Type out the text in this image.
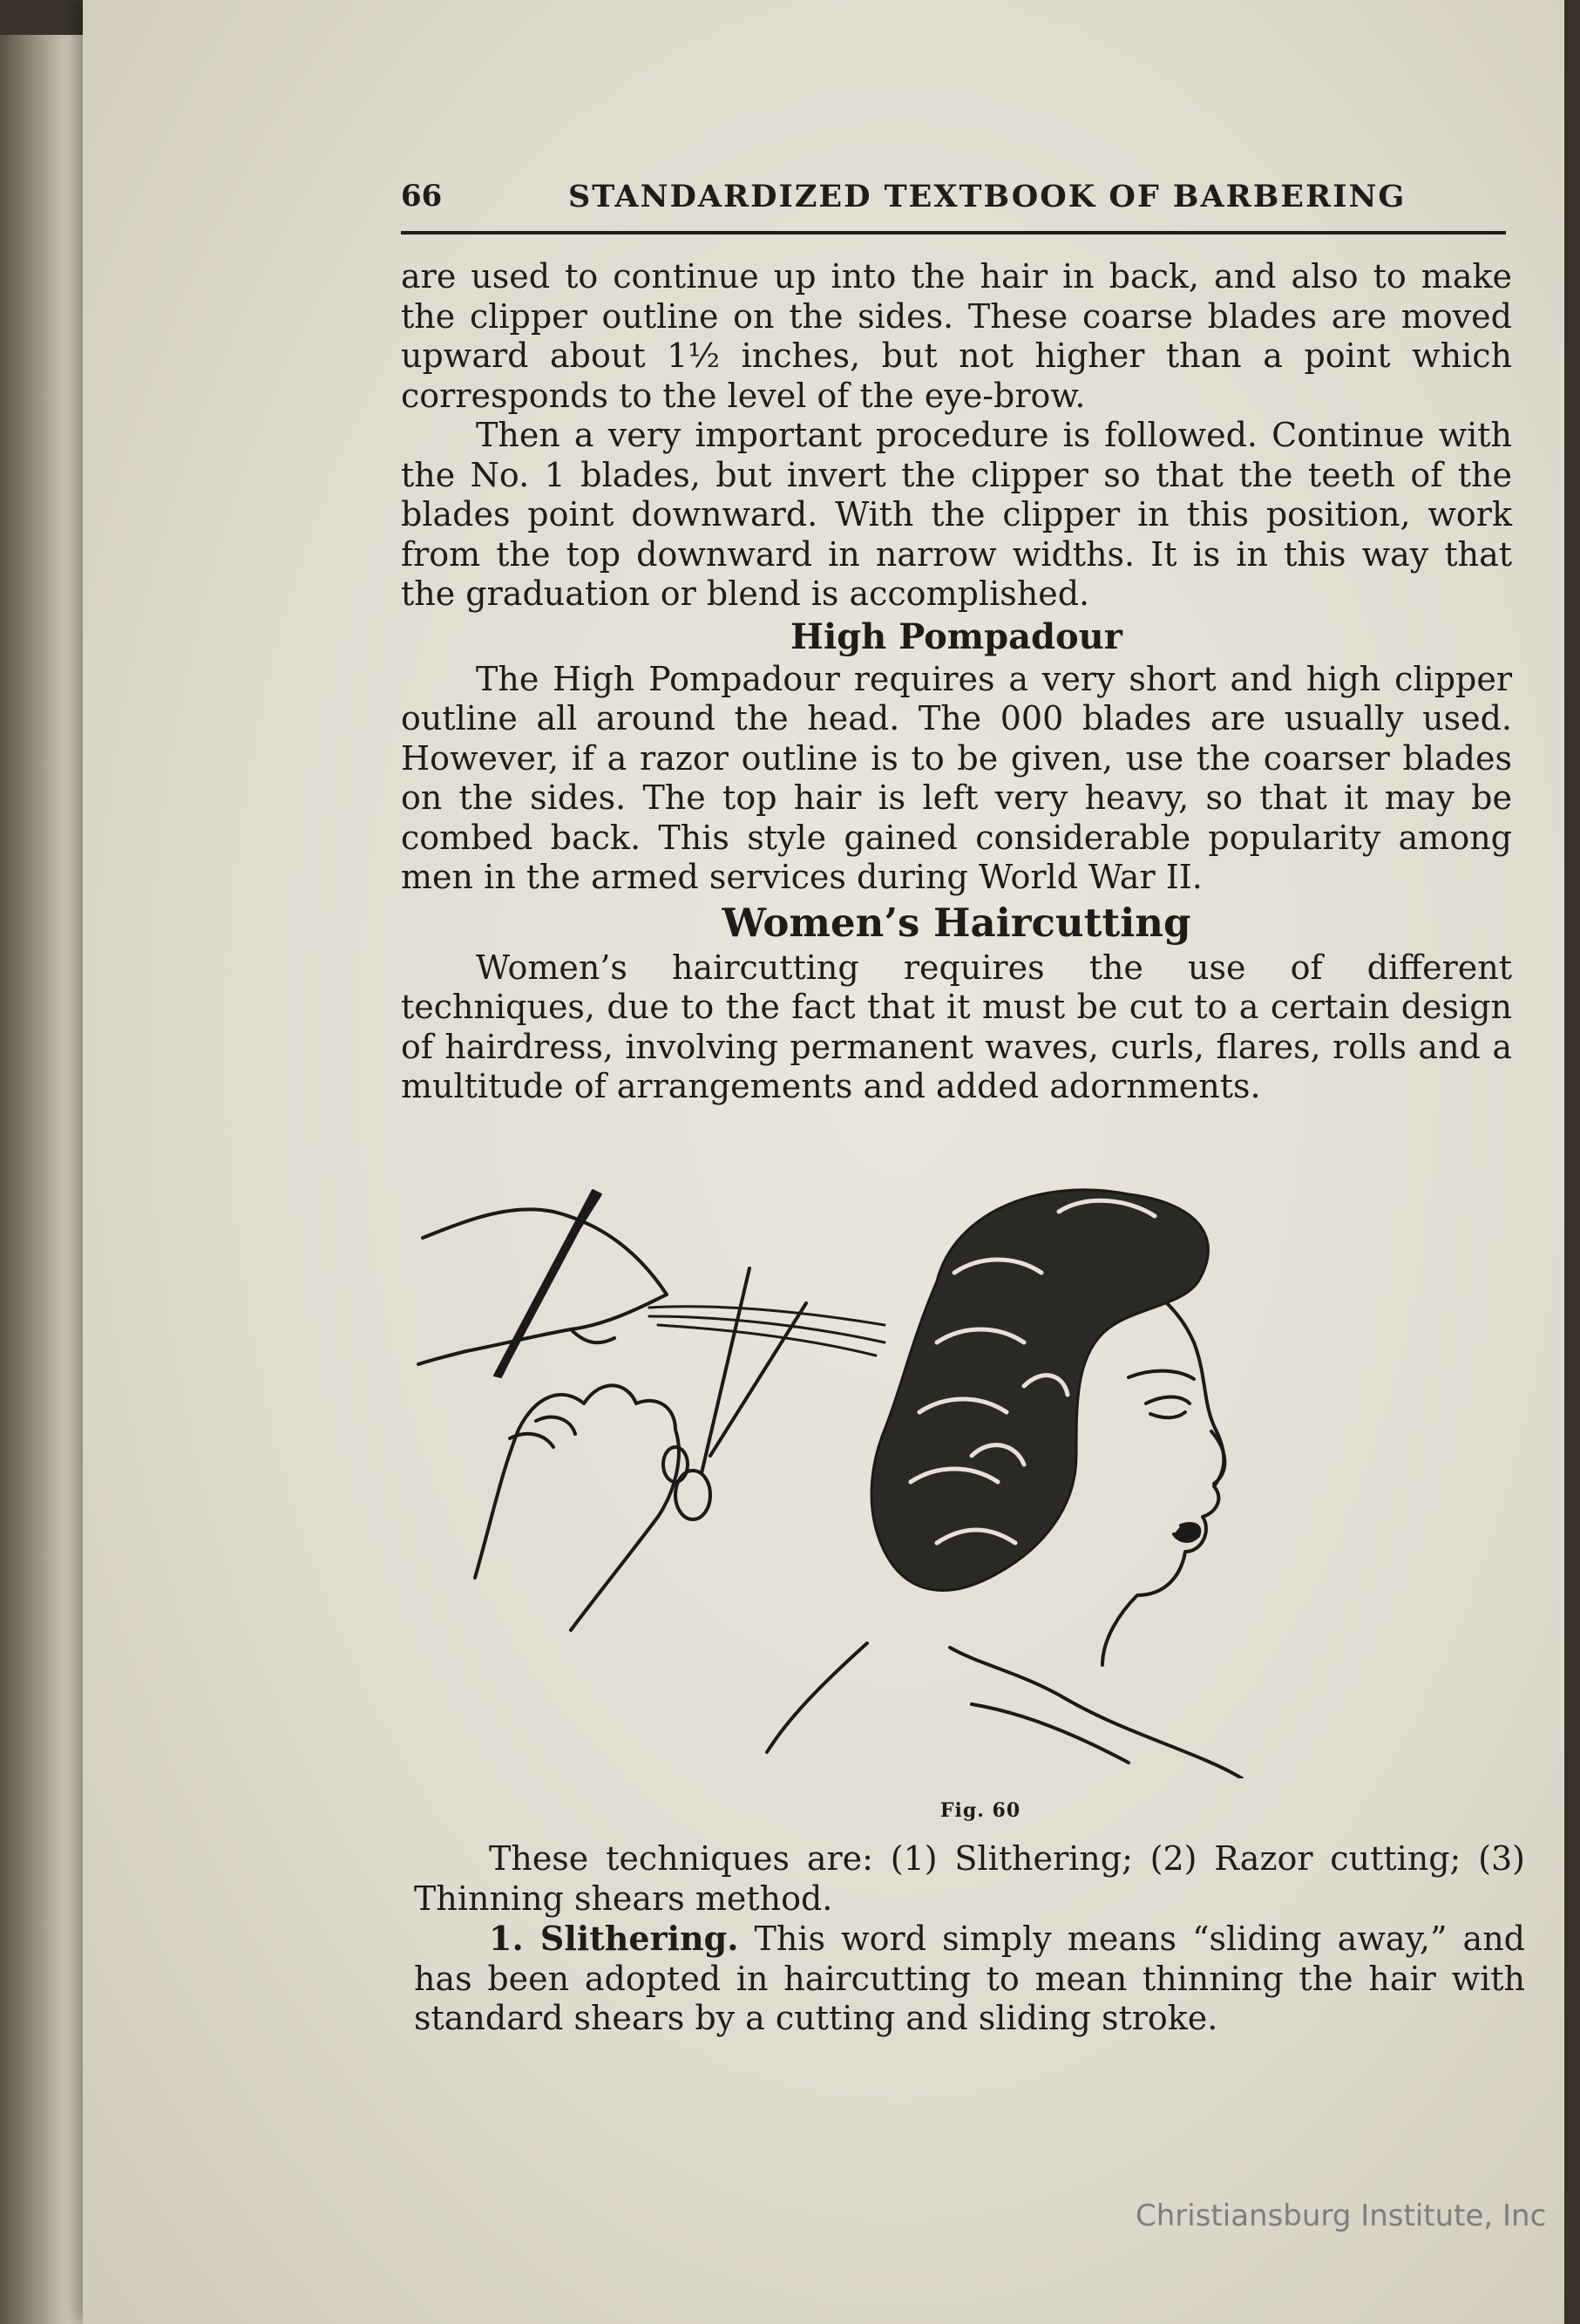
66	STANDARDIZED TEXTBOOK OF BARBERING

are used to continue up into the hair in back, and also to make the clipper outline on the sides. These coarse blades are moved upward about 1½ inches, but not higher than a point which corresponds to the level of the eye-brow.

Then a very important procedure is followed. Continue with the No. 1 blades, but invert the clipper so that the teeth of the blades point downward. With the clipper in this position, work from the top downward in narrow widths. It is in this way that the graduation or blend is accomplished.

High Pompadour

The High Pompadour requires a very short and high clipper outline all around the head. The 000 blades are usually used. However, if a razor outline is to be given, use the coarser blades on the sides. The top hair is left very heavy, so that it may be combed back. This style gained considerable popularity among men in the armed services during World War II.

Women’s Haircutting

Women’s haircutting requires the use of different techniques, due to the fact that it must be cut to a certain design of hairdress, involving permanent waves, curls, flares, rolls and a multitude of arrangements and added adornments.

Fig. 60

These techniques are: (1) Slithering; (2) Razor cutting; (3) Thinning shears method.

1. Slithering. This word simply means “sliding away,” and has been adopted in haircutting to mean thinning the hair with standard shears by a cutting and sliding stroke.

Christiansburg Institute, Inc
